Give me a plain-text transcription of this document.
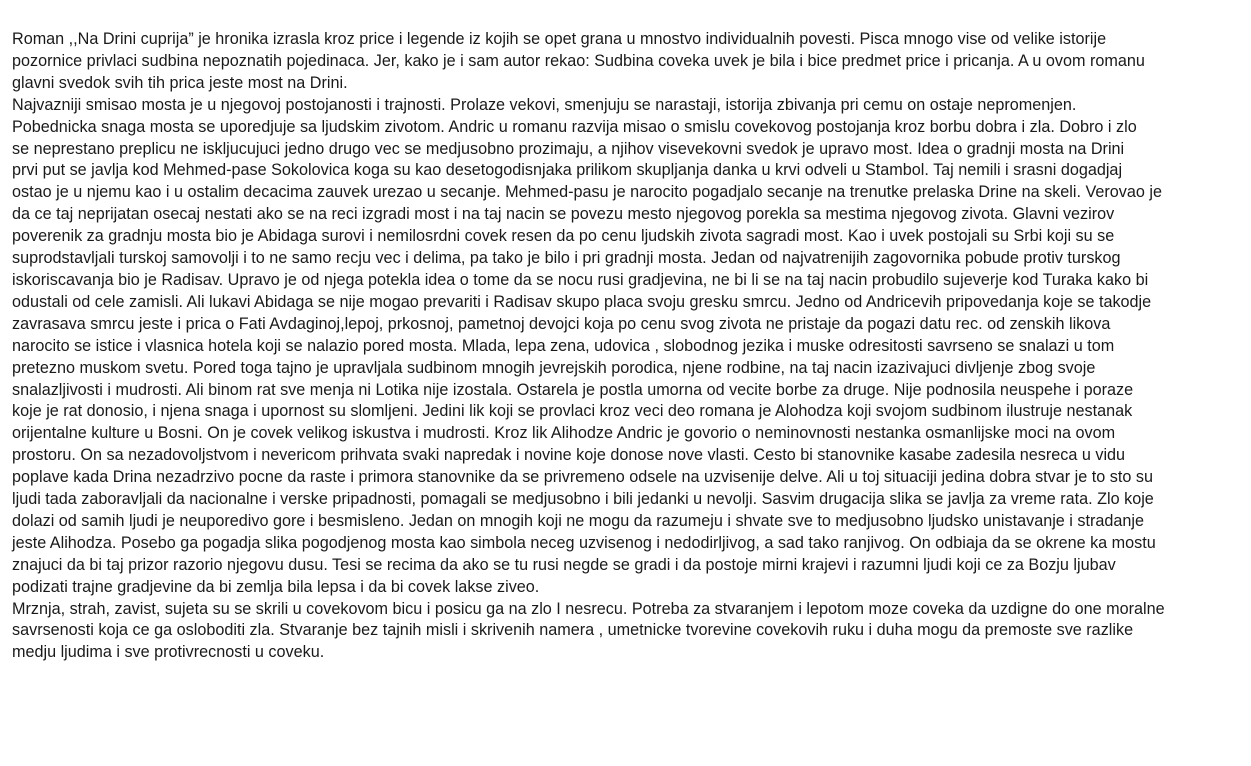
Roman ,,Na Drini cuprija” je hronika izrasla kroz price i legende iz kojih se opet grana u mnostvo individualnih povesti. Pisca mnogo vise od velike istorije
pozornice privlaci sudbina nepoznatih pojedinaca. Jer, kako je i sam autor rekao: Sudbina coveka uvek je bila i bice predmet price i pricanja. A u ovom romanu
glavni svedok svih tih prica jeste most na Drini.

Najvazniji smisao mosta je u njegovoj postojanosti i trajnosti. Prolaze vekovi, smenjuju se narastaji, istorija zbivanja pri cemu on ostaje nepromenjen.
Pobednicka snaga mosta se uporedjuje sa ljudskim zivotom. Andric u romanu razvija misao o smislu covekovog postojanja kroz borbu dobra i zla. Dobro i zlo
se neprestano preplicu ne iskljucujuci jedno drugo vec se medjusobno prozimaju, a njihov visevekovni svedok je upravo most. Idea o gradnji mosta na Drini
prvi put se javlja kod Mehmed-pase Sokolovica koga su kao desetogodisnjaka prilikom skupljanja danka u krvi odveli u Stambol. Taj nemili i srasni dogadjaj
ostao je u njemu kao i u ostalim decacima zauvek urezao u secanje. Mehmed-pasu je narocito pogadjalo secanje na trenutke prelaska Drine na skeli. Verovao je
da ce taj neprijatan osecaj nestati ako se na reci izgradi most i na taj nacin se povezu mesto njegovog porekla sa mestima njegovog zivota. Glavni vezirov
poverenik za gradnju mosta bio je Abidaga surovi i nemilosrdni covek resen da po cenu ljudskih zivota sagradi most. Kao i uvek postojali su Srbi koji su se
suprodstavljali turskoj samovolji i to ne samo recju vec i delima, pa tako je bilo i pri gradnji mosta. Jedan od najvatrenijih zagovornika pobude protiv turskog
iskoriscavanja bio je Radisav. Upravo je od njega potekla idea o tome da se nocu rusi gradjevina, ne bi li se na taj nacin probudilo sujeverje kod Turaka kako bi
odustali od cele zamisli. Ali lukavi Abidaga se nije mogao prevariti i Radisav skupo placa svoju gresku smrcu. Jedno od Andricevih pripovedanja koje se takodje
zavrasava smrcu jeste i prica o Fati Avdaginoj,lepoj, prkosnoj, pametnoj devojci koja po cenu svog zivota ne pristaje da pogazi datu rec. od zenskih likova
narocito se istice i vlasnica hotela koji se nalazio pored mosta. Mlada, lepa zena, udovica , slobodnog jezika i muske odresitosti savrseno se snalazi u tom
pretezno muskom svetu. Pored toga tajno je upravljala sudbinom mnogih jevrejskih porodica, njene rodbine, na taj nacin izazivajuci divljenje zbog svoje
snalazljivosti i mudrosti. Ali binom rat sve menja ni Lotika nije izostala. Ostarela je postla umorna od vecite borbe za druge. Nije podnosila neuspehe i poraze
koje je rat donosio, i njena snaga i upornost su slomljeni. Jedini lik koji se provlaci kroz veci deo romana je Alohodza koji svojom sudbinom ilustruje nestanak
orijentalne kulture u Bosni. On je covek velikog iskustva i mudrosti. Kroz lik Alihodze Andric je govorio o neminovnosti nestanka osmanlijske moci na ovom
prostoru. On sa nezadovoljstvom i nevericom prihvata svaki napredak i novine koje donose nove vlasti. Cesto bi stanovnike kasabe zadesila nesreca u vidu
poplave kada Drina nezadrzivo pocne da raste i primora stanovnike da se privremeno odsele na uzvisenije delve. Ali u toj situaciji jedina dobra stvar je to sto su
ljudi tada zaboravljali da nacionalne i verske pripadnosti, pomagali se medjusobno i bili jedanki u nevolji. Sasvim drugacija slika se javlja za vreme rata. Zlo koje
dolazi od samih ljudi je neuporedivo gore i besmisleno. Jedan on mnogih koji ne mogu da razumeju i shvate sve to medjusobno ljudsko unistavanje i stradanje
jeste Alihodza. Posebo ga pogadja slika pogodjenog mosta kao simbola neceg uzvisenog i nedodirljivog, a sad tako ranjivog. On odbiaja da se okrene ka mostu
znajuci da bi taj prizor razorio njegovu dusu. Tesi se recima da ako se tu rusi negde se gradi i da postoje mirni krajevi i razumni ljudi koji ce za Bozju ljubav
podizati trajne gradjevine da bi zemlja bila lepsa i da bi covek lakse ziveo.

Mrznja, strah, zavist, sujeta su se skrili u covekovom bicu i posicu ga na zlo I nesrecu. Potreba za stvaranjem i lepotom moze coveka da uzdigne do one moralne
savrsenosti koja ce ga osloboditi zla. Stvaranje bez tajnih misli i skrivenih namera , umetnicke tvorevine covekovih ruku i duha mogu da premoste sve razlike
medju ljudima i sve protivrecnosti u coveku.
